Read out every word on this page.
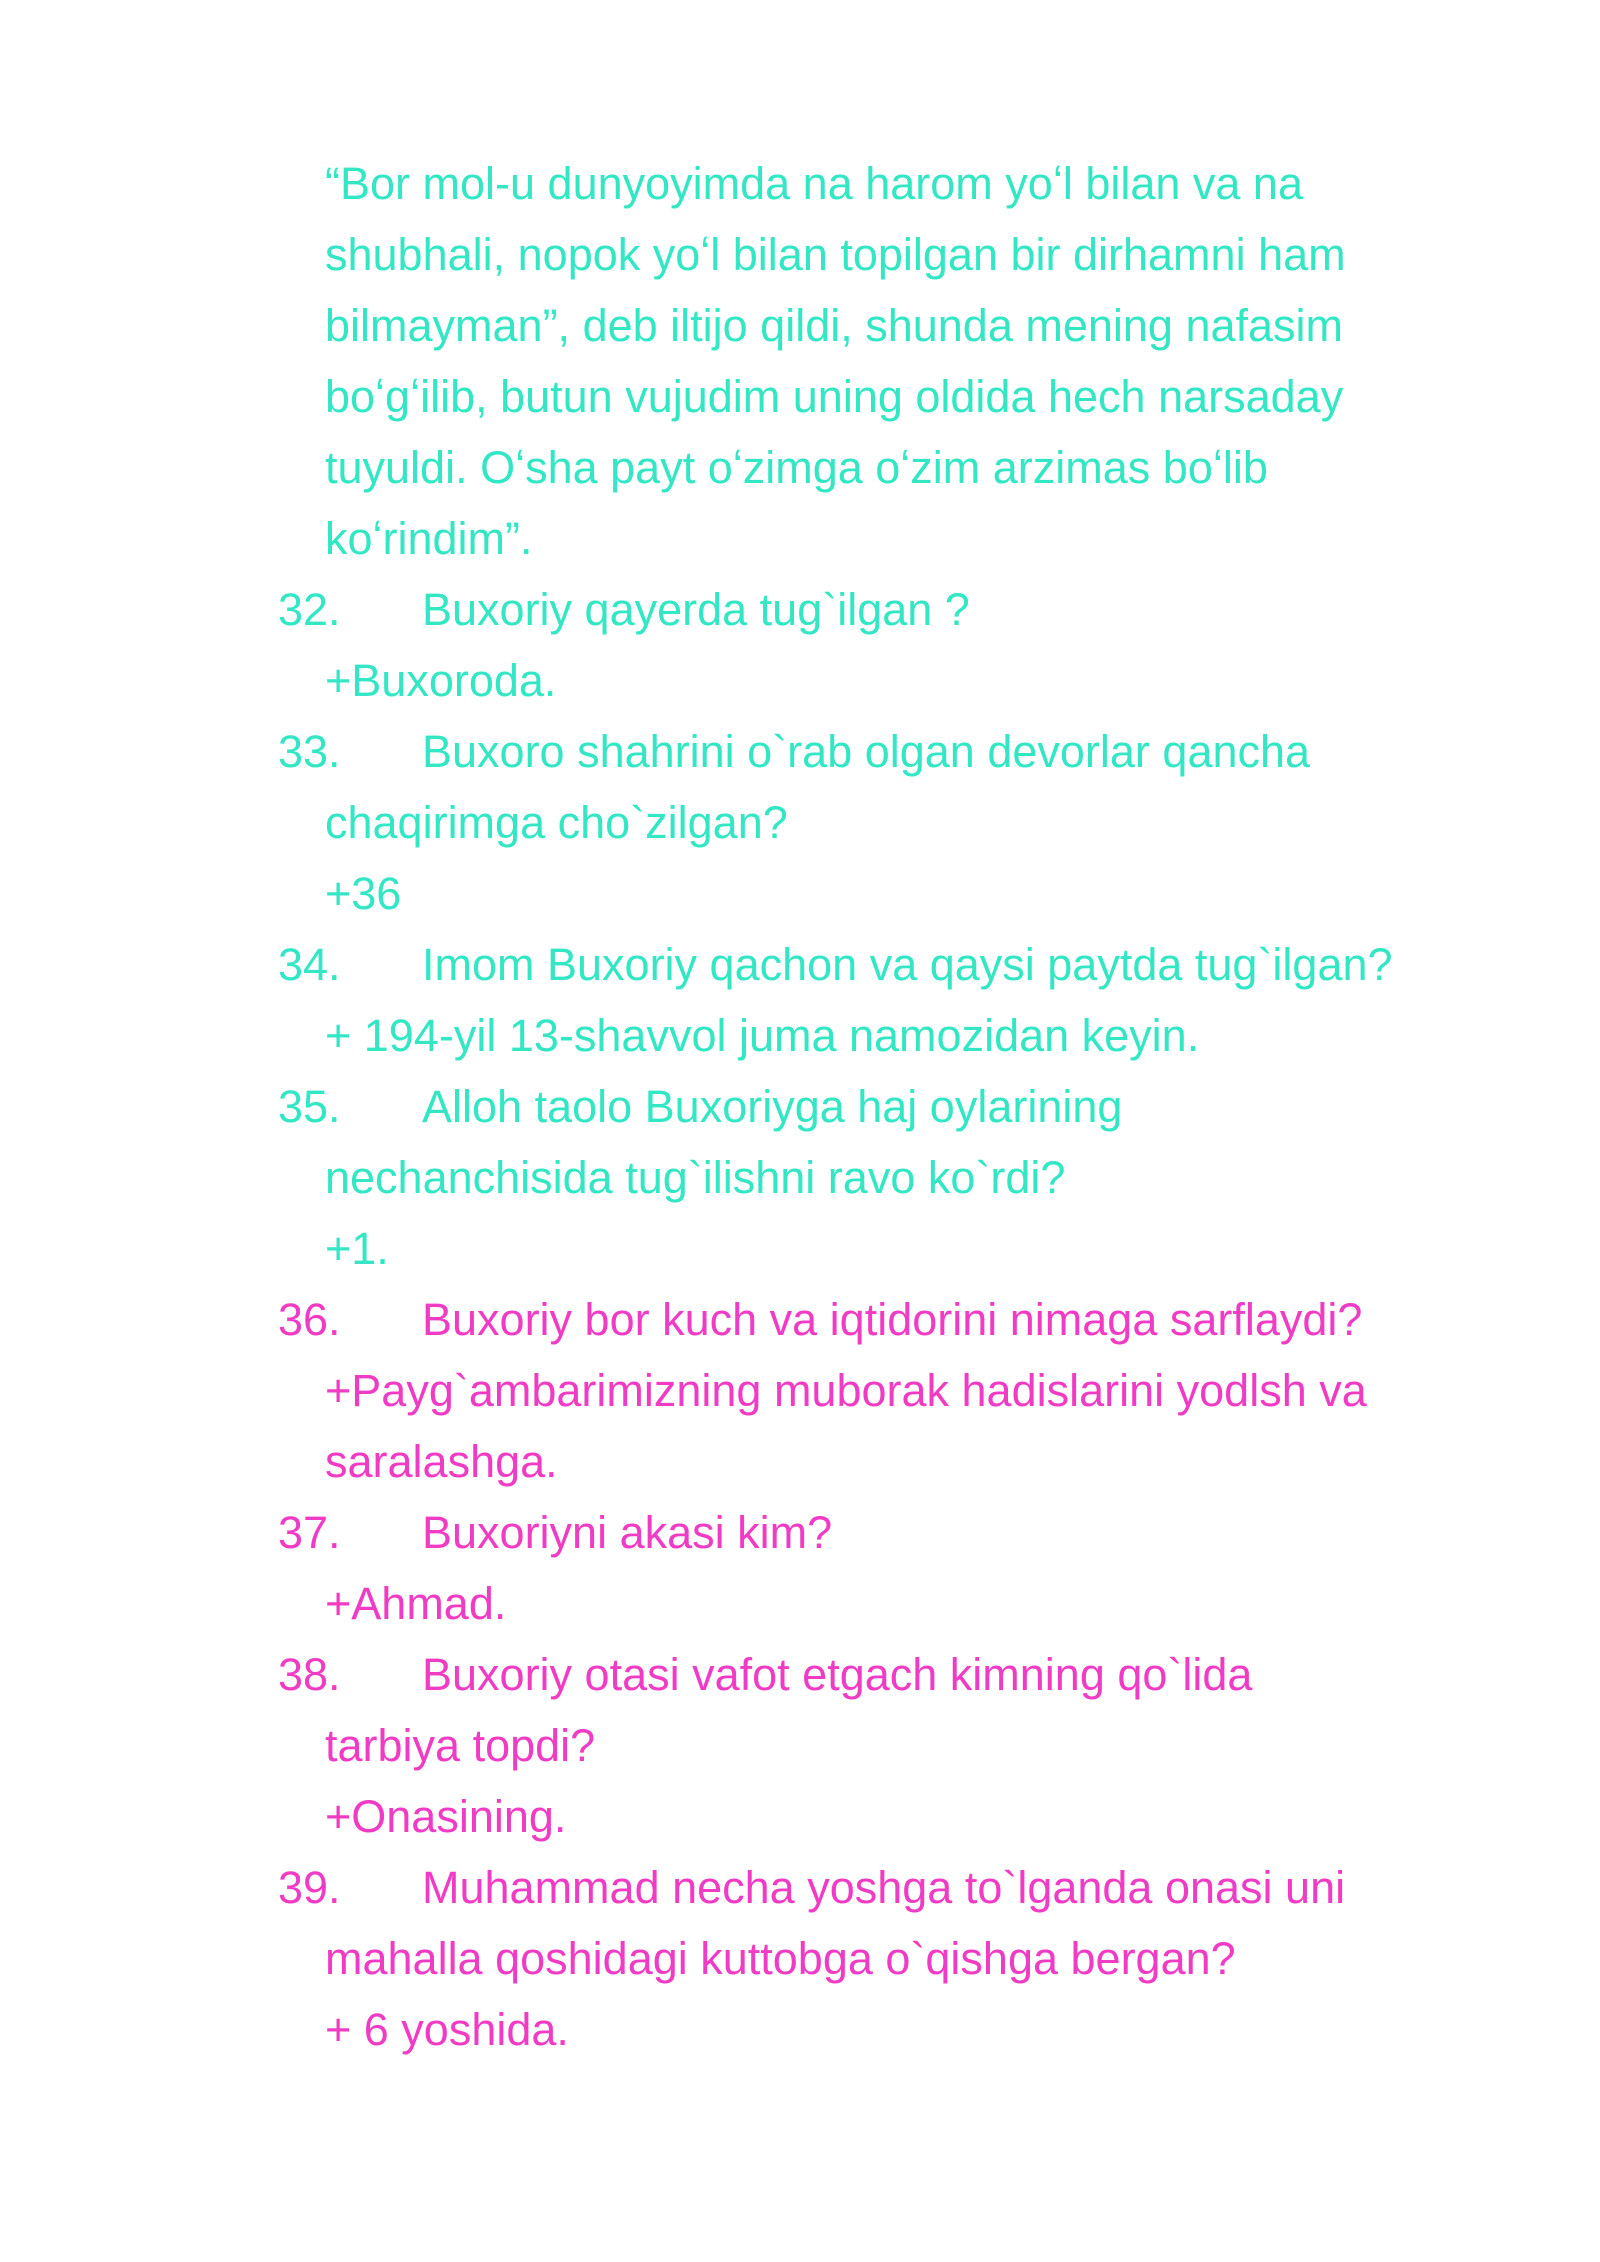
“Bor mol-u dunyoyimda na harom yoʻl bilan va na
shubhali, nopok yoʻl bilan topilgan bir dirhamni ham
bilmayman”, deb iltijo qildi, shunda mening nafasim
boʻgʻilib, butun vujudim uning oldida hech narsaday
tuyuldi. Oʻsha payt oʻzimga oʻzim arzimas boʻlib
koʻrindim”.
32.	Buxoriy qayerda tug`ilgan ?
+Buxoroda.
33.	Buxoro shahrini o`rab olgan devorlar qancha
chaqirimga cho`zilgan?
+36
34.	Imom Buxoriy qachon va qaysi paytda tug`ilgan?
+ 194-yil 13-shavvol juma namozidan keyin.
35.	Alloh taolo Buxoriyga haj oylarining
nechanchisida tug`ilishni ravo ko`rdi?
+1.
36.	Buxoriy bor kuch va iqtidorini nimaga sarflaydi?
+Payg`ambarimizning muborak hadislarini yodlsh va
saralashga.
37.	Buxoriyni akasi kim?
+Ahmad.
38.	Buxoriy otasi vafot etgach kimning qo`lida
tarbiya topdi?
+Onasining.
39.	Muhammad necha yoshga to`lganda onasi uni
mahalla qoshidagi kuttobga o`qishga bergan?
+ 6 yoshida.
